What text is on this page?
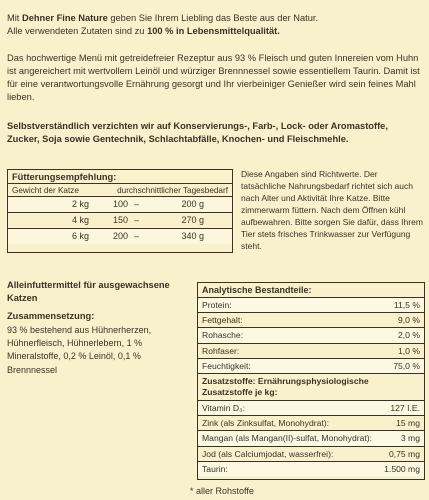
Mit Dehner Fine Nature geben Sie Ihrem Liebling das Beste aus der Natur.
Alle verwendeten Zutaten sind zu 100 % in Lebensmittelqualität.

Das hochwertige Menü mit getreidefreier Rezeptur aus 93 % Fleisch und guten Innereien vom Huhn ist angereichert mit wertvollem Leinöl und würziger Brennnessel sowie essentiellem Taurin. Damit ist für eine verantwortungsvolle Ernährung gesorgt und Ihr vierbeiniger Genießer wird sein feines Mahl lieben.

Selbstverständlich verzichten wir auf Konservierungs-, Farb-, Lock- oder Aromastoffe, Zucker, Soja sowie Gentechnik, Schlachtabfälle, Knochen- und Fleischmehle.

Fütterungsempfehlung:
Gewicht der Katze	durchschnittlicher Tagesbedarf
2 kg	100 –	200 g
4 kg	150 –	270 g
6 kg	200 –	340 g

Diese Angaben sind Richtwerte. Der tatsächliche Nahrungsbedarf richtet sich auch nach Alter und Aktivität Ihre Katze. Bitte zimmerwarm füttern. Nach dem Öffnen kühl aufbewahren. Bitte sorgen Sie dafür, dass Ihrem Tier stets frisches Trinkwasser zur Verfügung steht.

Alleinfuttermittel für ausgewachsene Katzen
Zusammensetzung:

93 % bestehend aus Hühnerherzen, Hühnerfleisch, Hühnerlebern, 1 % Mineralstoffe, 0,2 % Leinöl, 0,1 % Brennnessel

Analytische Bestandteile:
Protein:	11,5 %
Fettgehalt:	9,0 %
Rohasche:	2,0 %
Rohfaser:	1,0 %
Feuchtigkeit:	75,0 %
Zusatzstoffe: Ernährungsphysiologische Zusatzstoffe je kg:
Vitamin D₃:	127 I.E.
Zink (als Zinksulfat, Monohydrat):	15 mg
Mangan (als Mangan(II)-sulfat, Monohydrat):	3 mg
Jod (als Calciumjodat, wasserfrei):	0,75 mg
Taurin:	1.500 mg
* aller Rohstoffe
